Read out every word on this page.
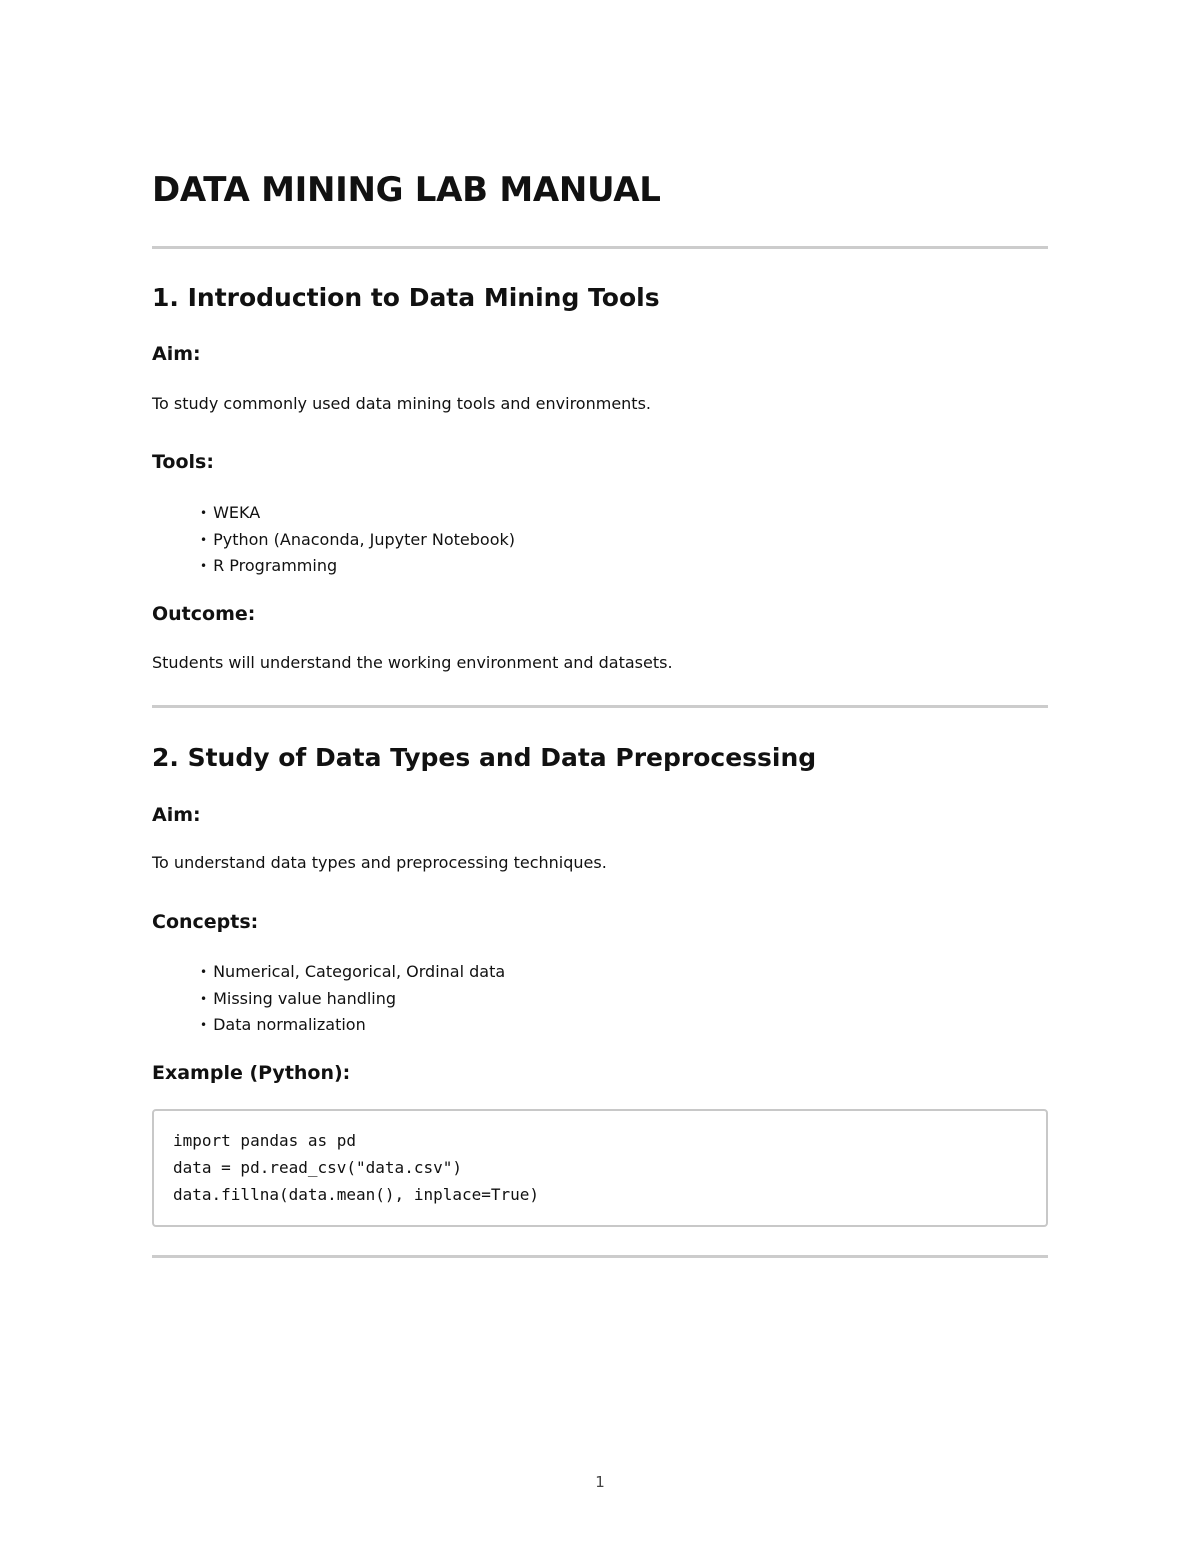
DATA MINING LAB MANUAL
1. Introduction to Data Mining Tools
Aim:

To study commonly used data mining tools and environments.

Tools:
• WEKA
• Python (Anaconda, Jupyter Notebook)
• R Programming
Outcome:

Students will understand the working environment and datasets.

2. Study of Data Types and Data Preprocessing
Aim:

To understand data types and preprocessing techniques.

Concepts:
• Numerical, Categorical, Ordinal data
• Missing value handling
• Data normalization
Example (Python):

import pandas as pd

data = pd.read_csv("data.csv")

data.fillna(data.mean(), inplace=True)

1
